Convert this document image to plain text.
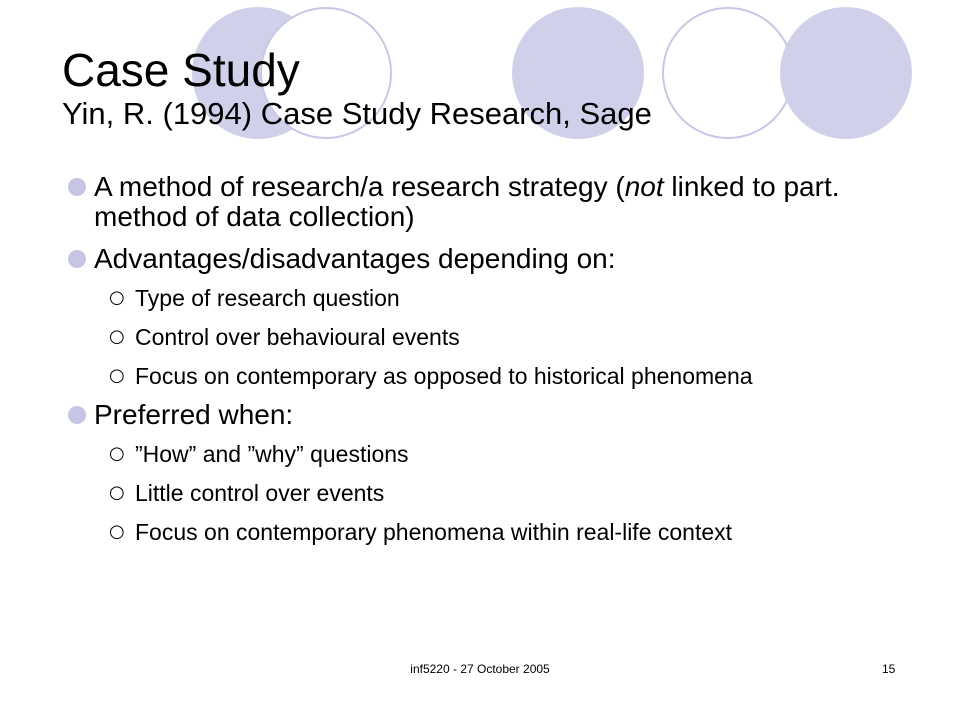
Case Study
Yin, R. (1994) Case Study Research, Sage
A method of research/a research strategy (not linked to part. method of data collection)
Advantages/disadvantages depending on:
○ Type of research question
○ Control over behavioural events
○ Focus on contemporary as opposed to historical phenomena
Preferred when:
○ ”How” and ”why” questions
○ Little control over events
○ Focus on contemporary phenomena within real-life context
inf5220 - 27 October 2005	15
